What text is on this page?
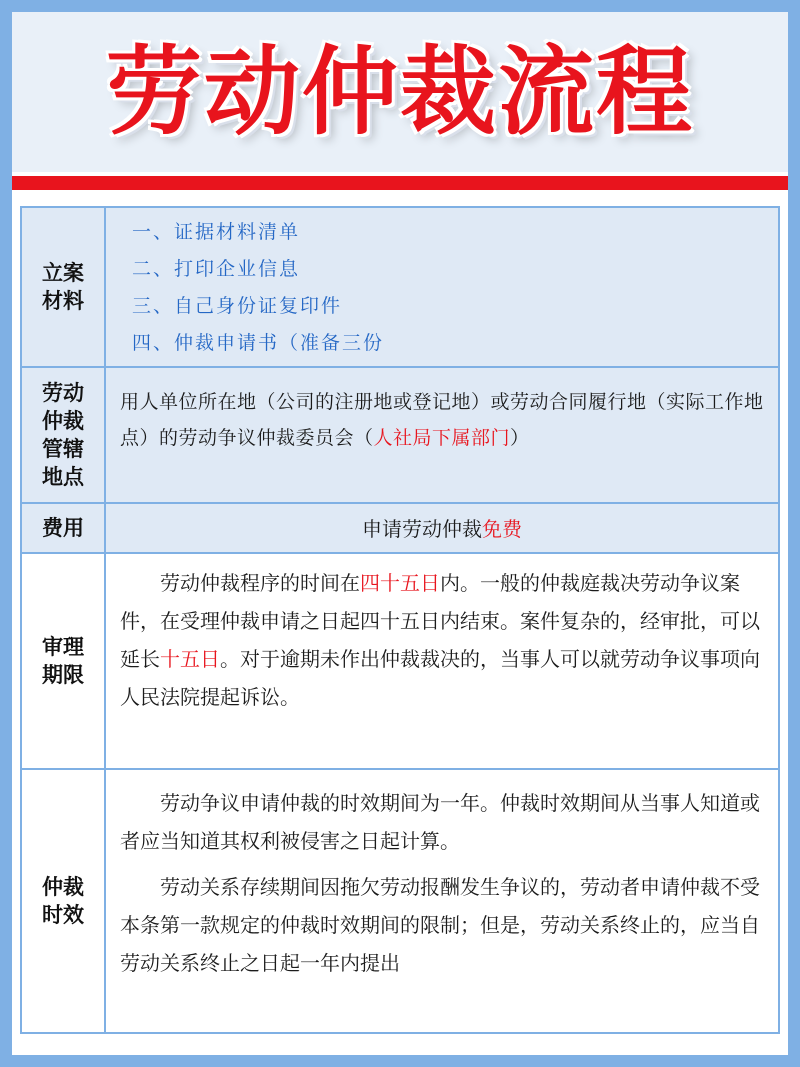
劳动仲裁流程
立案
材料
一、证据材料清单
二、打印企业信息
三、自己身份证复印件
四、仲裁申请书（准备三份
劳动
仲裁
管辖
地点
用人单位所在地（公司的注册地或登记地）或劳动合同履行地（实际工作地点）的劳动争议仲裁委员会（人社局下属部门）
费用	申请劳动仲裁免费
审理
期限

劳动仲裁程序的时间在四十五日内。一般的仲裁庭裁决劳动争议案件，在受理仲裁申请之日起四十五日内结束。案件复杂的，经审批，可以延长十五日。对于逾期未作出仲裁裁决的，当事人可以就劳动争议事项向人民法院提起诉讼。

仲裁
时效

劳动争议申请仲裁的时效期间为一年。仲裁时效期间从当事人知道或者应当知道其权利被侵害之日起计算。

劳动关系存续期间因拖欠劳动报酬发生争议的，劳动者申请仲裁不受本条第一款规定的仲裁时效期间的限制；但是，劳动关系终止的，应当自劳动关系终止之日起一年内提出
